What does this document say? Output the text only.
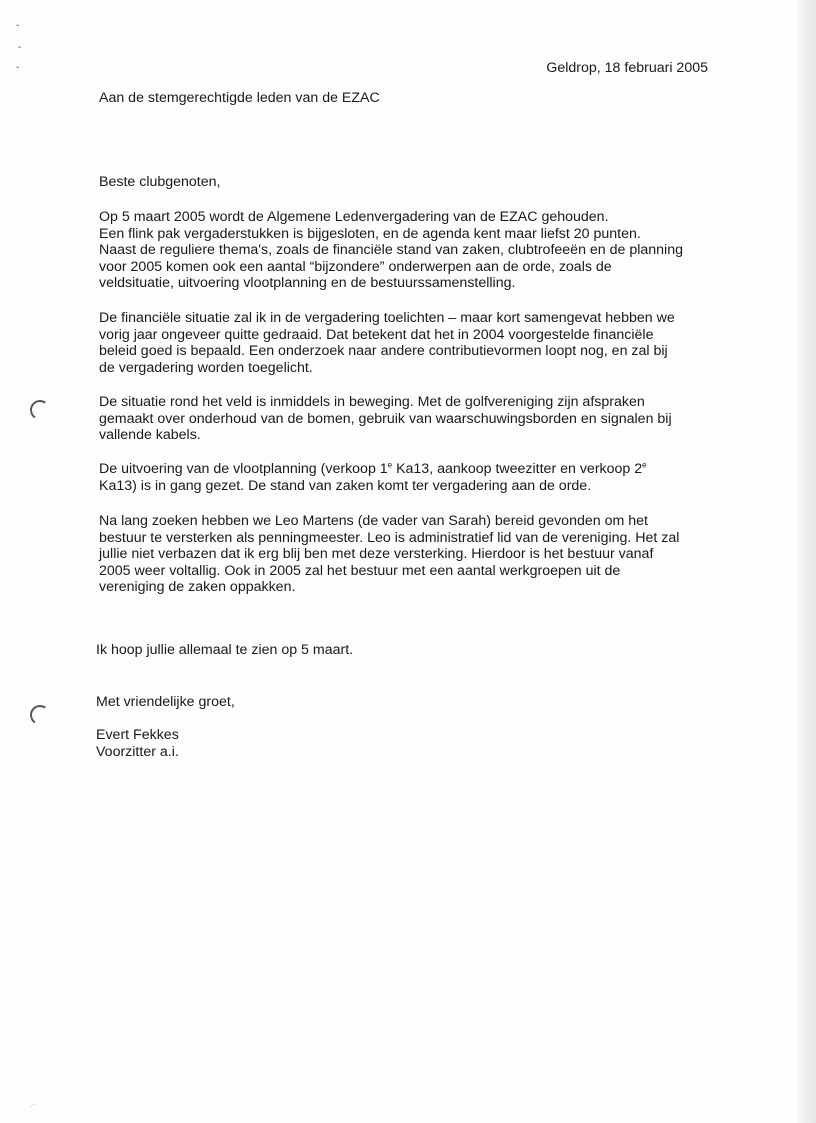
ˇ
ˆ
ˇ
.·
Geldrop, 18 februari 2005
Aan de stemgerechtigde leden van de EZAC
Beste clubgenoten,
Op 5 maart 2005 wordt de Algemene Ledenvergadering van de EZAC gehouden.
Een flink pak vergaderstukken is bijgesloten, en de agenda kent maar liefst 20 punten.
Naast de reguliere thema's, zoals de financiële stand van zaken, clubtrofeeën en de planning
voor 2005 komen ook een aantal “bijzondere” onderwerpen aan de orde, zoals de
veldsituatie, uitvoering vlootplanning en de bestuurssamenstelling.
De financiële situatie zal ik in de vergadering toelichten – maar kort samengevat hebben we
vorig jaar ongeveer quitte gedraaid. Dat betekent dat het in 2004 voorgestelde financiële
beleid goed is bepaald. Een onderzoek naar andere contributievormen loopt nog, en zal bij
de vergadering worden toegelicht.
De situatie rond het veld is inmiddels in beweging. Met de golfvereniging zijn afspraken
gemaakt over onderhoud van de bomen, gebruik van waarschuwingsborden en signalen bij
vallende kabels.
De uitvoering van de vlootplanning (verkoop 1e Ka13, aankoop tweezitter en verkoop 2e
Ka13) is in gang gezet. De stand van zaken komt ter vergadering aan de orde.
Na lang zoeken hebben we Leo Martens (de vader van Sarah) bereid gevonden om het
bestuur te versterken als penningmeester. Leo is administratief lid van de vereniging. Het zal
jullie niet verbazen dat ik erg blij ben met deze versterking. Hierdoor is het bestuur vanaf
2005 weer voltallig. Ook in 2005 zal het bestuur met een aantal werkgroepen uit de
vereniging de zaken oppakken.
Ik hoop jullie allemaal te zien op 5 maart.
Met vriendelijke groet,
Evert Fekkes
Voorzitter a.i.
